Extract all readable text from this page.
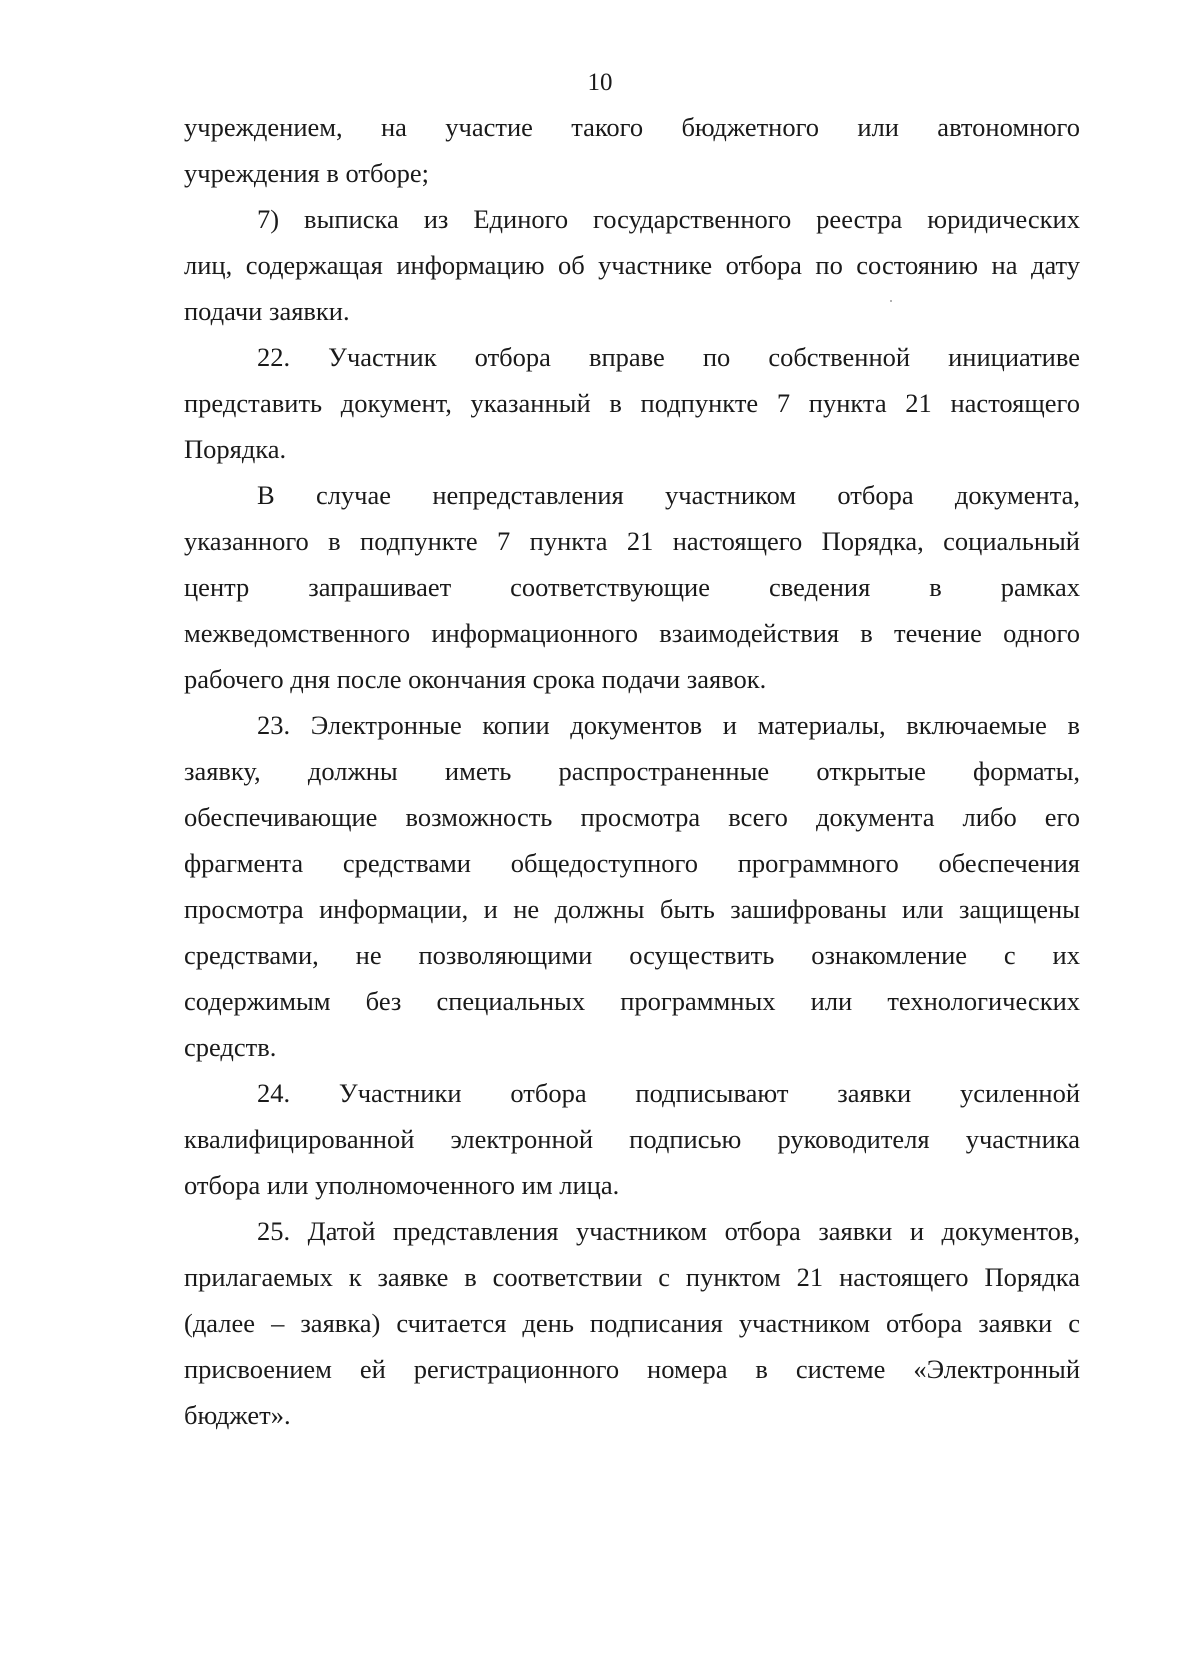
10
учреждением, на участие такого бюджетного или автономного
учреждения в отборе;
7) выписка из Единого государственного реестра юридических
лиц, содержащая информацию об участнике отбора по состоянию на дату
подачи заявки.
22. Участник отбора вправе по собственной инициативе
представить документ, указанный в подпункте 7 пункта 21 настоящего
Порядка.
В случае непредставления участником отбора документа,
указанного в подпункте 7 пункта 21 настоящего Порядка, социальный
центр запрашивает соответствующие сведения в рамках
межведомственного информационного взаимодействия в течение одного
рабочего дня после окончания срока подачи заявок.
23. Электронные копии документов и материалы, включаемые в
заявку, должны иметь распространенные открытые форматы,
обеспечивающие возможность просмотра всего документа либо его
фрагмента средствами общедоступного программного обеспечения
просмотра информации, и не должны быть зашифрованы или защищены
средствами, не позволяющими осуществить ознакомление с их
содержимым без специальных программных или технологических
средств.
24. Участники отбора подписывают заявки усиленной
квалифицированной электронной подписью руководителя участника
отбора или уполномоченного им лица.
25. Датой представления участником отбора заявки и документов,
прилагаемых к заявке в соответствии с пунктом 21 настоящего Порядка
(далее – заявка) считается день подписания участником отбора заявки с
присвоением ей регистрационного номера в системе «Электронный
бюджет».
